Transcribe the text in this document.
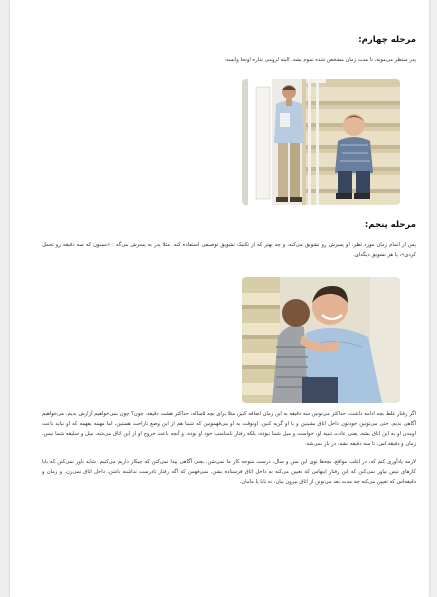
مرحله چهارم:

پدر منتظر می‌مونه، تا مدت زمان مشخص شده تموم بشه. البته لزومی نداره اونجا وایسه.

مرحله پنجم:

پس از اتمام زمان مورد نظر، او پسرش رو تشویق می‌کنه، و چه بهتر که از تکنیک تشویق توصیفی استفاده کنه. مثلا پدر به پسرش می‌گه : «ممنون که سه دقیقه رو تحمل کردی»، یا هر تشویق دیگه‌ای.

اگر رفتار غلط بچه ادامه داشت، حداکثر می‌تونین سه دقیقه به این زمان اضافه کنین مثلا برای بچه ۵ساله، حداکثر هشت دقیقه. چون؟ چون نمی‌خواهیم آزارش بدیم، می‌خواهیم آگاهی بدیم. حتی می‌تونین خودتون داخل اتاق بشینین و با او گریه کنین. اونوقت به او می‌فهمونین که شما هم از این وضع ناراحت هستین، اما مهمه بفهمه که او نباید باعث اومدن او به این اتاق بشه، یعنی عادت تنبیه او، خواست و میل شما نبوده، بلکه رفتار نامناسب خود او بوده. و آنچه باعث خروج او از این اتاق می‌شه، میل و سلیقه شما نیس، زمان و دقیقه اس. تا سه دقیقه نشه، در باز نمی‌شه.

لازمه یادآوری کنم که، در اغلب مواقع، بچه‌ها توی این سن و سال، درست متوجه کار ما نمی‌شن. یعنی آگاهی پیدا نمی‌کنن که چیکار داریم می‌کنیم. شاید باور نمی‌کنن که بابا کارهای تیس نیاور نمی‌کنن که این رفتار اینهاس که تعیین می‌کنه به داخل اتاق فرستاده بشن. نمی‌فهمن که اگه رفتار نادرست نداشته باشن، داخل اتاق نمی‌رن. و زمان و دقیقه‌اس که تعیین می‌کنه چه مدت بعد می‌تونن از اتاق بیرون بیان، نه بابا یا مامان.
